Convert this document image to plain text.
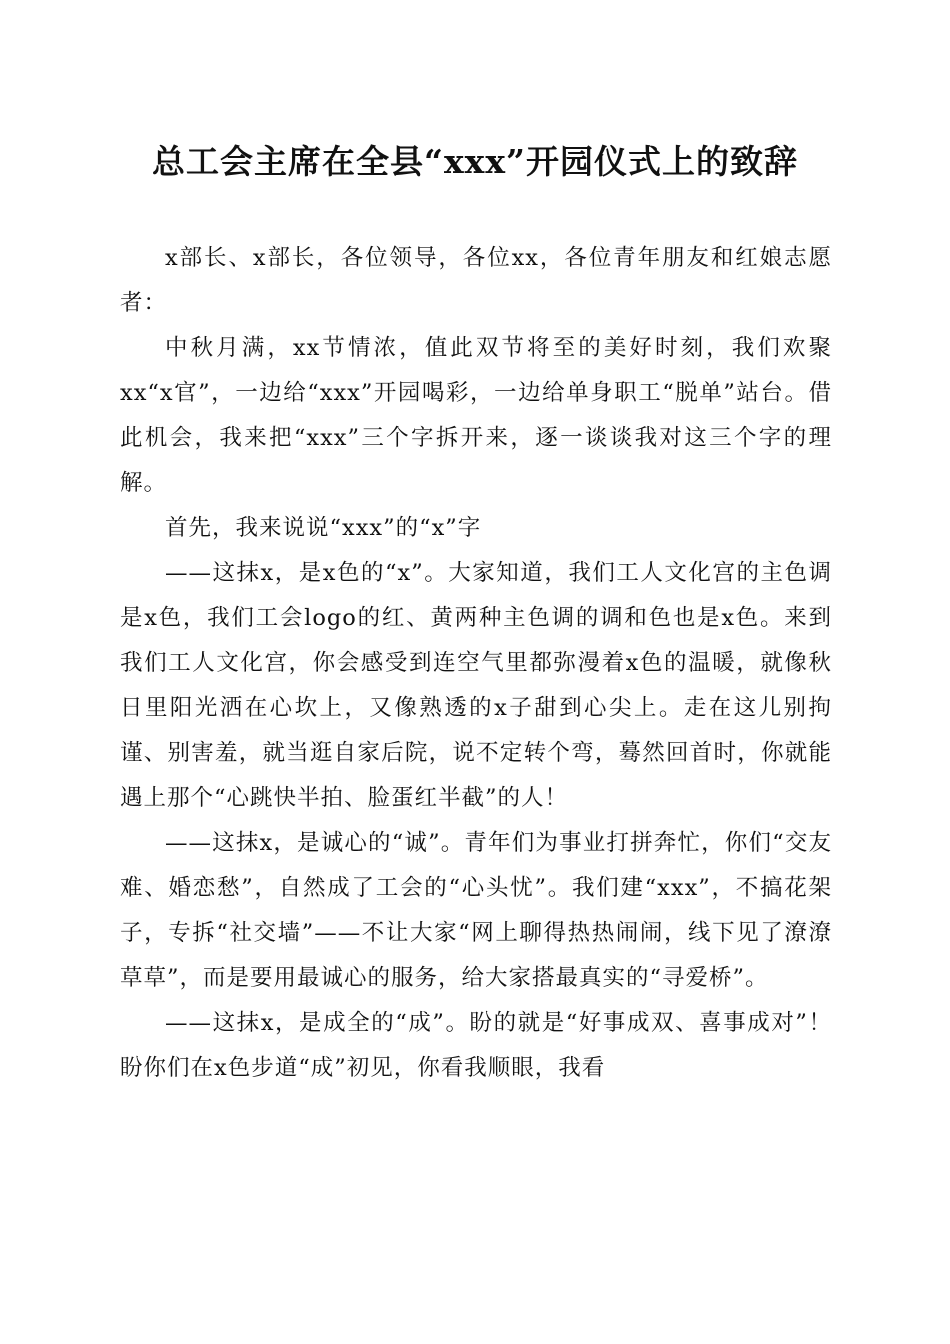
总工会主席在全县“xxx”开园仪式上的致辞

x部长、x部长，各位领导，各位xx，各位青年朋友和红娘志愿者：

中秋月满，xx节情浓，值此双节将至的美好时刻，我们欢聚xx“x官”，一边给“xxx”开园喝彩，一边给单身职工“脱单”站台。借此机会，我来把“xxx”三个字拆开来，逐一谈谈我对这三个字的理解。

首先，我来说说“xxx”的“x”字

——这抹x，是x色的“x”。大家知道，我们工人文化宫的主色调是x色，我们工会logo的红、黄两种主色调的调和色也是x色。来到我们工人文化宫，你会感受到连空气里都弥漫着x色的温暖，就像秋日里阳光洒在心坎上，又像熟透的x子甜到心尖上。走在这儿别拘谨、别害羞，就当逛自家后院，说不定转个弯，蓦然回首时，你就能遇上那个“心跳快半拍、脸蛋红半截”的人！

——这抹x，是诚心的“诚”。青年们为事业打拼奔忙，你们“交友难、婚恋愁”，自然成了工会的“心头忧”。我们建“xxx”，不搞花架子，专拆“社交墙”——不让大家“网上聊得热热闹闹，线下见了潦潦草草”，而是要用最诚心的服务，给大家搭最真实的“寻爱桥”。

——这抹x，是成全的“成”。盼的就是“好事成双、喜事成对”！盼你们在x色步道“成”初见，你看我顺眼，我看
